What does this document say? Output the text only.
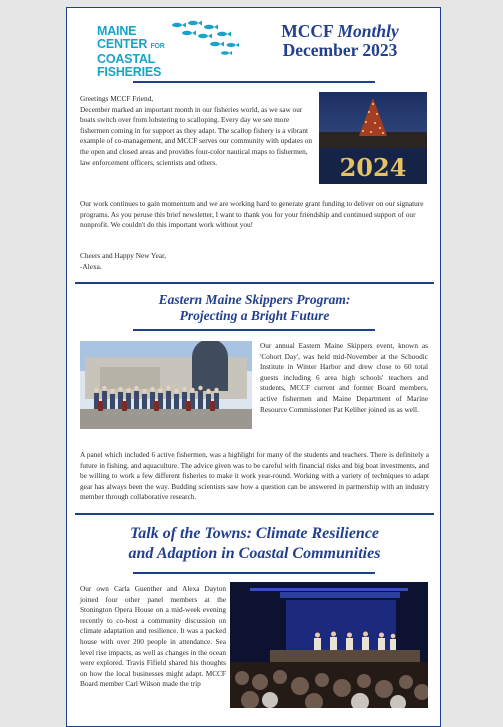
MAINE
CENTER FOR
COASTAL
FISHERIES
MCCF Monthly
December 2023
Greetings MCCF Friend,
December marked an important month in our fisheries world, as we saw our boats switch over from lobstering to scalloping. Every day we see more fishermen coming in for support as they adapt. The scallop fishery is a vibrant example of co-management, and MCCF serves our community with updates on the open and closed areas and provides four-color nautical maps to fishermen, law enforcement officers, scientists and others.	2024
Our work continues to gain momentum and we are working hard to generate grant funding to deliver on our signature programs. As you peruse this brief newsletter, I want to thank you for your friendship and continued support of our nonprofit. We couldn't do this important work without you!
Cheers and Happy New Year,
-Alexa.
Eastern Maine Skippers Program:
Projecting a Bright Future
Our annual Eastern Maine Skippers event, known as 'Cohort Day', was held mid-November at the Schoodic Institute in Winter Harbor and drew close to 60 total guests including 6 area high schools' teachers and students, MCCF current and former Board members, active fishermen and Maine Department of Marine Resource Commissioner Pat Keliher joined us as well.
A panel which included 6 active fishermen, was a highlight for many of the students and teachers. There is definitely a future in fishing, and aquaculture. The advice given was to be careful with financial risks and big boat investments, and be willing to work a few different fisheries to make it work year-round. Working with a variety of techniques to adapt gear has always been the way. Budding scientists saw how a question can be answered in partnership with an industry member through collaborative research.
Talk of the Towns: Climate Resilience
and Adaption in Coastal Communities
Our own Carla Guenther and Alexa Dayton joined four other panel members at the Stonington Opera House on a mid-week evening recently to co-host a community discussion on climate adaptation and resilience. It was a packed house with over 200 people in attendance. Sea level rise impacts, as well as changes in the ocean were explored. Travis Fifield shared his thoughts on how the local businesses might adapt. MCCF Board member Carl Wilson made the trip
